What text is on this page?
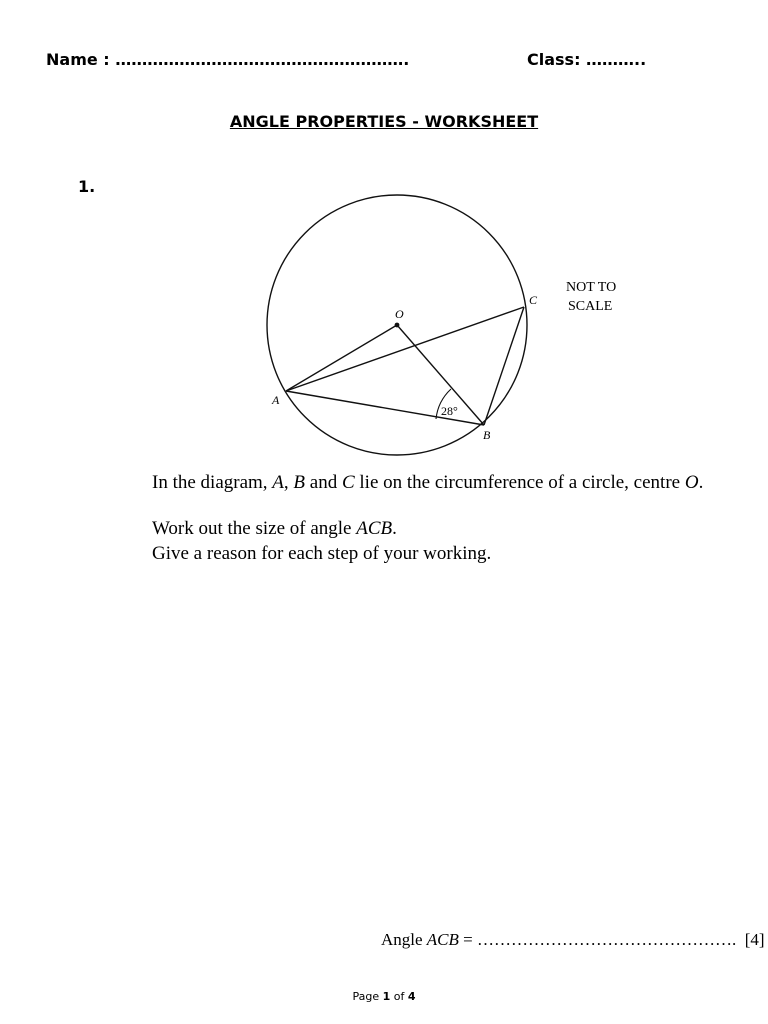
Name : ……………………………………………….	Class: ………..
ANGLE PROPERTIES - WORKSHEET
1.
O
A
B
C
28°
NOT TO
SCALE
In the diagram, A, B and C lie on the circumference of a circle, centre O.
Work out the size of angle ACB.
Give a reason for each step of your working.
Angle ACB = ………………………………………. [4]
Page 1 of 4
